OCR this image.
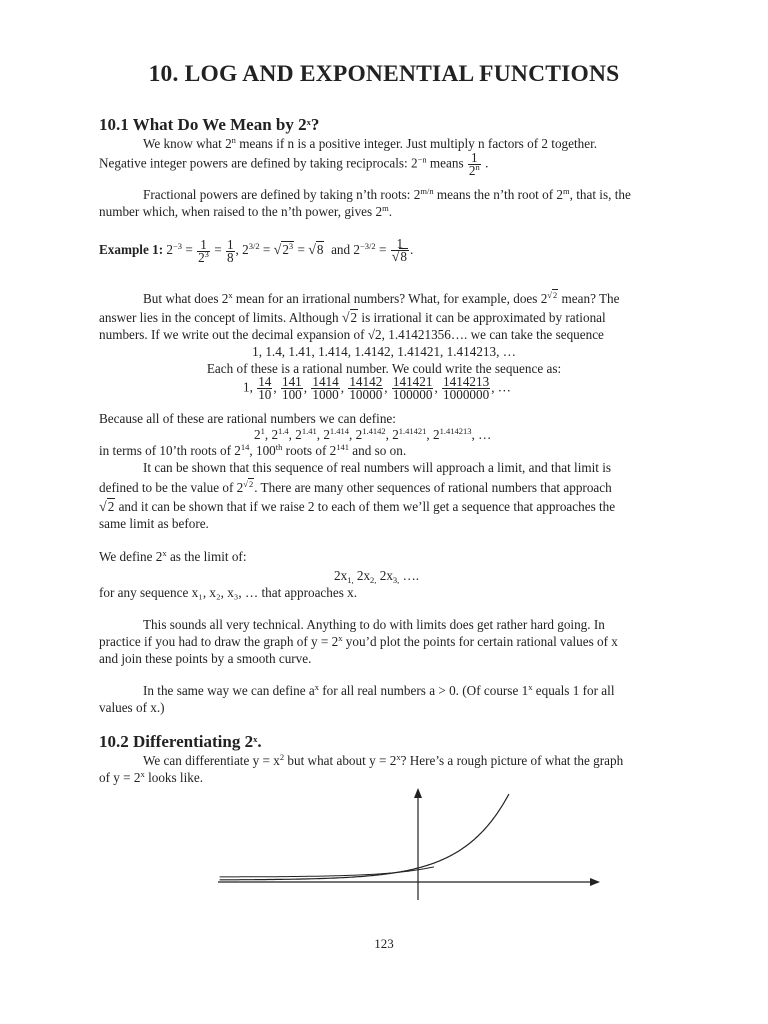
10. LOG AND EXPONENTIAL FUNCTIONS
10.1 What Do We Mean by 2$^x$?
We know what 2$^n$ means if n is a positive integer. Just multiply n factors of 2 together.
Negative integer powers are defined by taking reciprocals: $2^{-n}$ means $\frac{1}{2^n}$ .
Fractional powers are defined by taking n’th roots: $2^{m/n}$ means the n’th root of 2$^m$, that is, the
number which, when raised to the n’th power, gives 2$^m$.
Example 1: $2^{-3} = \frac{1}{2^3} = \frac{1}{8}$ , $2^{3/2} = √2^3 = √8$ and $2^{-3/2} = \frac{1}{√8}$ .
But what does 2$^x$ mean for an irrational numbers? What, for example, does $2^{√2}$ mean? The
answer lies in the concept of limits. Although √2 is irrational it can be approximated by rational
numbers. If we write out the decimal expansion of √2, 1.41421356…. we can take the sequence
1, 1.4, 1.41, 1.414, 1.4142, 1.41421, 1.414213, …
Each of these is a rational number. We could write the sequence as:
1, $\frac{14}{10}$ , $\frac{141}{100}$ , $\frac{1414}{1000}$ , $\frac{14142}{10000}$ , $\frac{141421}{100000}$ , $\frac{1414213}{1000000}$ , …
Because all of these are rational numbers we can define:
$2^1$, $2^{1.4}$, $2^{1.41}$, $2^{1.414}$, $2^{1.4142}$, $2^{1.41421}$, $2^{1.414213}$, …
in terms of 10’th roots of $2^{14}$, 100th roots of $2^{141}$ and so on.
It can be shown that this sequence of real numbers will approach a limit, and that limit is
defined to be the value of $2^{√2}$. There are many other sequences of rational numbers that approach
√2 and it can be shown that if we raise 2 to each of them we’ll get a sequence that approaches the
same limit as before.
We define 2$^x$ as the limit of:
$2x_{1,}$ $2x_{2,}$ $2x_{3,}$ ….
for any sequence x₁, x₂, x₃, … that approaches x.
This sounds all very technical. Anything to do with limits does get rather hard going. In
practice if you had to draw the graph of $y = 2^x$ you’d plot the points for certain rational values of x
and join these points by a smooth curve.
In the same way we can define $a^x$ for all real numbers a > 0. (Of course 1$^x$ equals 1 for all
values of x.)
10.2 Differentiating 2$^x$.
We can differentiate $y = x^2$ but what about $y = 2^x$? Here’s a rough picture of what the graph
of $y = 2^x$ looks like.
123
